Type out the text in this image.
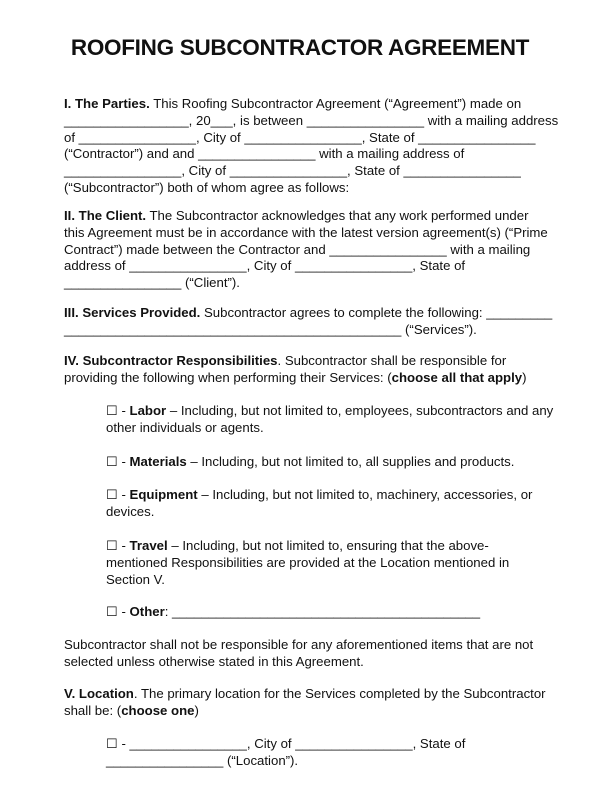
ROOFING SUBCONTRACTOR AGREEMENT
I. The Parties. This Roofing Subcontractor Agreement (“Agreement”) made on
_________________, 20___, is between ________________ with a mailing address
of ________________, City of ________________, State of ________________
(“Contractor”) and and ________________ with a mailing address of
________________, City of ________________, State of ________________
(“Subcontractor”) both of whom agree as follows:
II. The Client. The Subcontractor acknowledges that any work performed under
this Agreement must be in accordance with the latest version agreement(s) (“Prime
Contract”) made between the Contractor and ________________ with a mailing
address of ________________, City of ________________, State of
________________ (“Client”).
III. Services Provided. Subcontractor agrees to complete the following: _________
______________________________________________ (“Services”).
IV. Subcontractor Responsibilities. Subcontractor shall be responsible for
providing the following when performing their Services: (choose all that apply)
☐ - Labor – Including, but not limited to, employees, subcontractors and any
other individuals or agents.
☐ - Materials – Including, but not limited to, all supplies and products.
☐ - Equipment – Including, but not limited to, machinery, accessories, or
devices.
☐ - Travel – Including, but not limited to, ensuring that the above-
mentioned Responsibilities are provided at the Location mentioned in
Section V.
☐ - Other: __________________________________________
Subcontractor shall not be responsible for any aforementioned items that are not
selected unless otherwise stated in this Agreement.
V. Location. The primary location for the Services completed by the Subcontractor
shall be: (choose one)
☐ - ________________, City of ________________, State of
________________ (“Location”).
